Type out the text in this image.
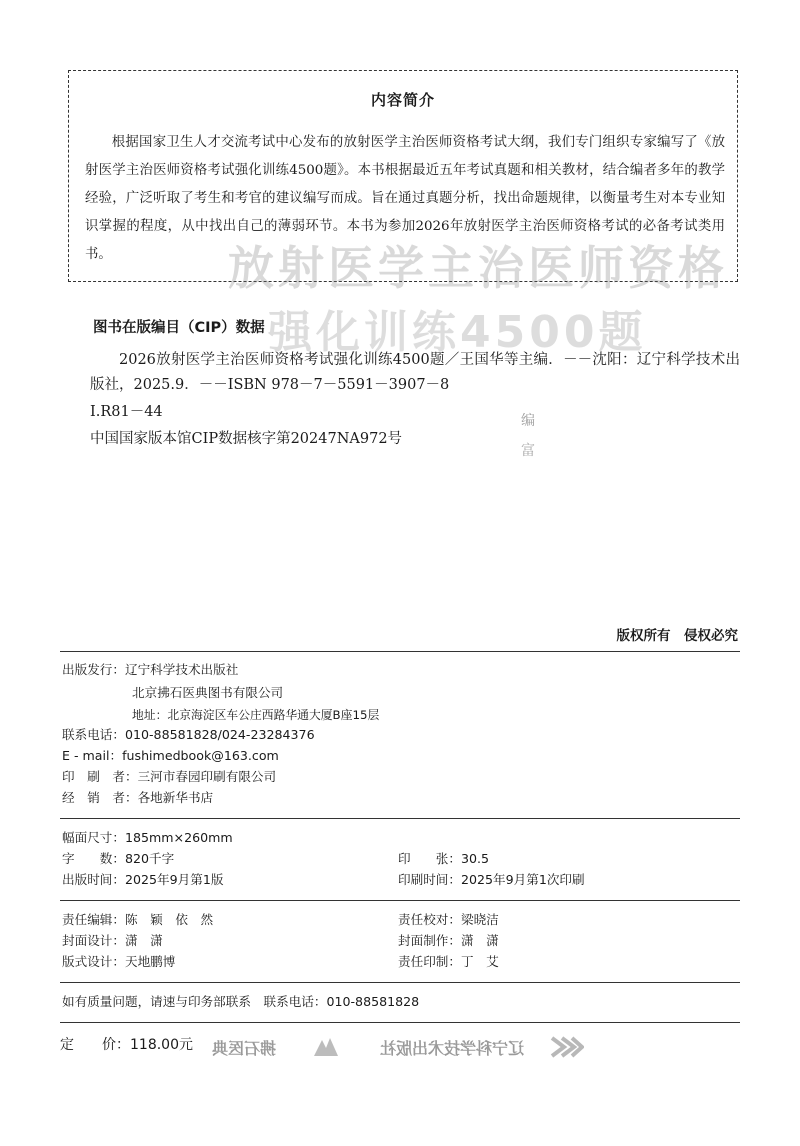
内容简介
根据国家卫生人才交流考试中心发布的放射医学主治医师资格考试大纲，我们专门组织专家编写了《放射医学主治医师资格考试强化训练4500题》。本书根据最近五年考试真题和相关教材，结合编者多年的教学经验，广泛听取了考生和考官的建议编写而成。旨在通过真题分析，找出命题规律，以衡量考生对本专业知识掌握的程度，从中找出自己的薄弱环节。本书为参加2026年放射医学主治医师资格考试的必备考试类用书。	放射医学主治医师资格
强化训练4500题
图书在版编目（CIP）数据
2026放射医学主治医师资格考试强化训练4500题／王国华等主编．－－沈阳：辽宁科学技术出版社，2025.9．－－ISBN 978－7－5591－3907－8
Ⅰ.R81－44
中国国家版本馆CIP数据核字第20247NA972号
编
富
版权所有　侵权必究
出版发行：辽宁科学技术出版社
北京拂石医典图书有限公司
地址：北京海淀区车公庄西路华通大厦B座15层
联系电话：010-88581828/024-23284376
E - mail：fushimedbook@163.com
印　刷　者：三河市春园印刷有限公司
经　销　者：各地新华书店
幅面尺寸：185mm×260mm
字　　数：820千字	印　　张：30.5
出版时间：2025年9月第1版	印刷时间：2025年9月第1次印刷
责任编辑：陈　颖　依　然	责任校对：梁晓洁
封面设计：潇　潇	封面制作：潇　潇
版式设计：天地鹏博	责任印制：丁　艾
如有质量问题，请速与印务部联系　联系电话：010-88581828
定　　价：118.00元 拂石医典	辽宁科学技术出版社
